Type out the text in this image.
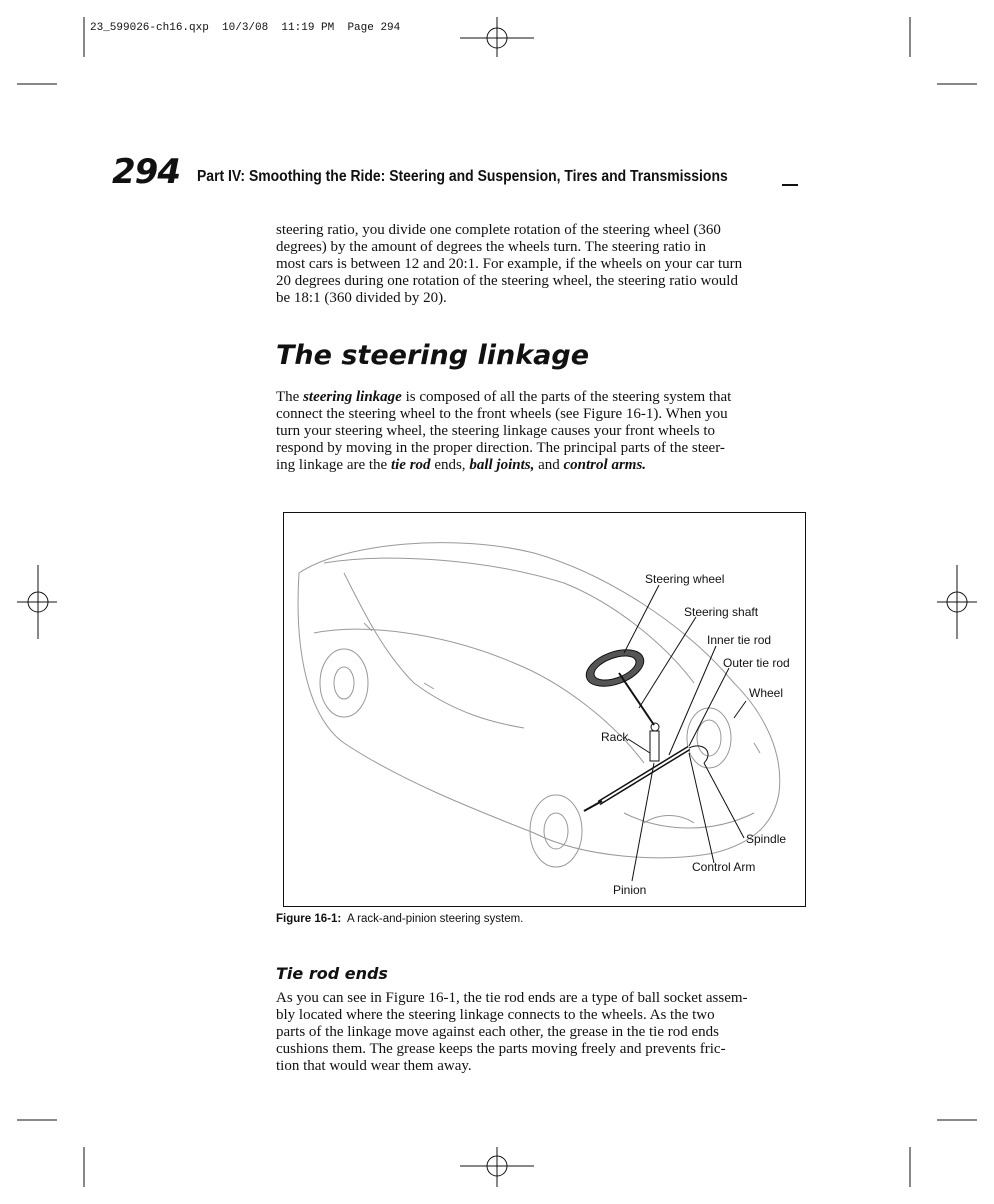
23_599026-ch16.qxp  10/3/08  11:19 PM  Page 294
294 Part IV: Smoothing the Ride: Steering and Suspension, Tires and Transmissions
steering ratio, you divide one complete rotation of the steering wheel (360
degrees) by the amount of degrees the wheels turn. The steering ratio in
most cars is between 12 and 20:1. For example, if the wheels on your car turn
20 degrees during one rotation of the steering wheel, the steering ratio would
be 18:1 (360 divided by 20).
The steering linkage
The steering linkage is composed of all the parts of the steering system that
connect the steering wheel to the front wheels (see Figure 16-1). When you
turn your steering wheel, the steering linkage causes your front wheels to
respond by moving in the proper direction. The principal parts of the steer-
ing linkage are the tie rod ends, ball joints, and control arms.
Steering wheel
Steering shaft
Inner tie rod
Outer tie rod
Wheel
Rack
Spindle
Control Arm
Pinion
Figure 16-1: A rack-and-pinion steering system.
Tie rod ends
As you can see in Figure 16-1, the tie rod ends are a type of ball socket assem-
bly located where the steering linkage connects to the wheels. As the two
parts of the linkage move against each other, the grease in the tie rod ends
cushions them. The grease keeps the parts moving freely and prevents fric-
tion that would wear them away.
